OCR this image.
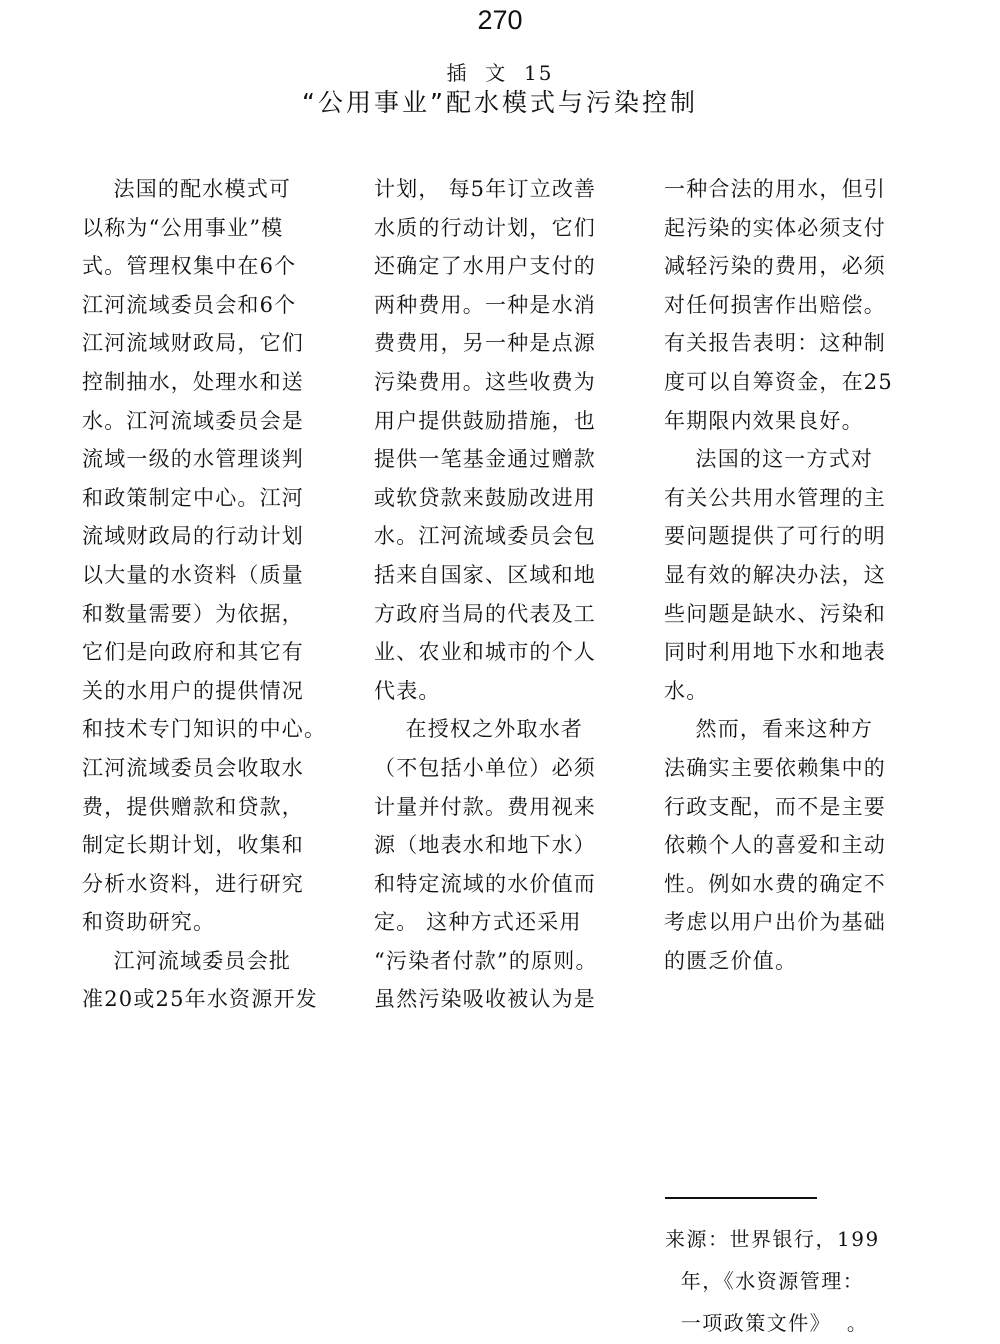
270
插  文  15
“公用事业”配水模式与污染控制

法国的配水模式可

以称为“公用事业”模

式。管理权集中在6个

江河流域委员会和6个

江河流域财政局，它们

控制抽水，处理水和送

水。江河流域委员会是

流域一级的水管理谈判

和政策制定中心。江河

流域财政局的行动计划

以大量的水资料（质量

和数量需要）为依据，

它们是向政府和其它有

关的水用户的提供情况

和技术专门知识的中心。

江河流域委员会收取水

费，提供赠款和贷款，

制定长期计划，收集和

分析水资料，进行研究

和资助研究。

江河流域委员会批

准20或25年水资源开发

计划， 每5年订立改善

水质的行动计划，它们

还确定了水用户支付的

两种费用。一种是水消

费费用，另一种是点源

污染费用。这些收费为

用户提供鼓励措施，也

提供一笔基金通过赠款

或软贷款来鼓励改进用

水。江河流域委员会包

括来自国家、区域和地

方政府当局的代表及工

业、农业和城市的个人

代表。

在授权之外取水者

（不包括小单位）必须

计量并付款。费用视来

源（地表水和地下水）

和特定流域的水价值而

定。 这种方式还采用

“污染者付款”的原则。

虽然污染吸收被认为是

一种合法的用水，但引

起污染的实体必须支付

减轻污染的费用，必须

对任何损害作出赔偿。

有关报告表明：这种制

度可以自筹资金，在25

年期限内效果良好。

法国的这一方式对

有关公共用水管理的主

要问题提供了可行的明

显有效的解决办法，这

些问题是缺水、污染和

同时利用地下水和地表

水。

然而，看来这种方

法确实主要依赖集中的

行政支配，而不是主要

依赖个人的喜爱和主动

性。例如水费的确定不

考虑以用户出价为基础

的匮乏价值。

来源：世界银行，199

年，《水资源管理：

一项政策文件》  。
